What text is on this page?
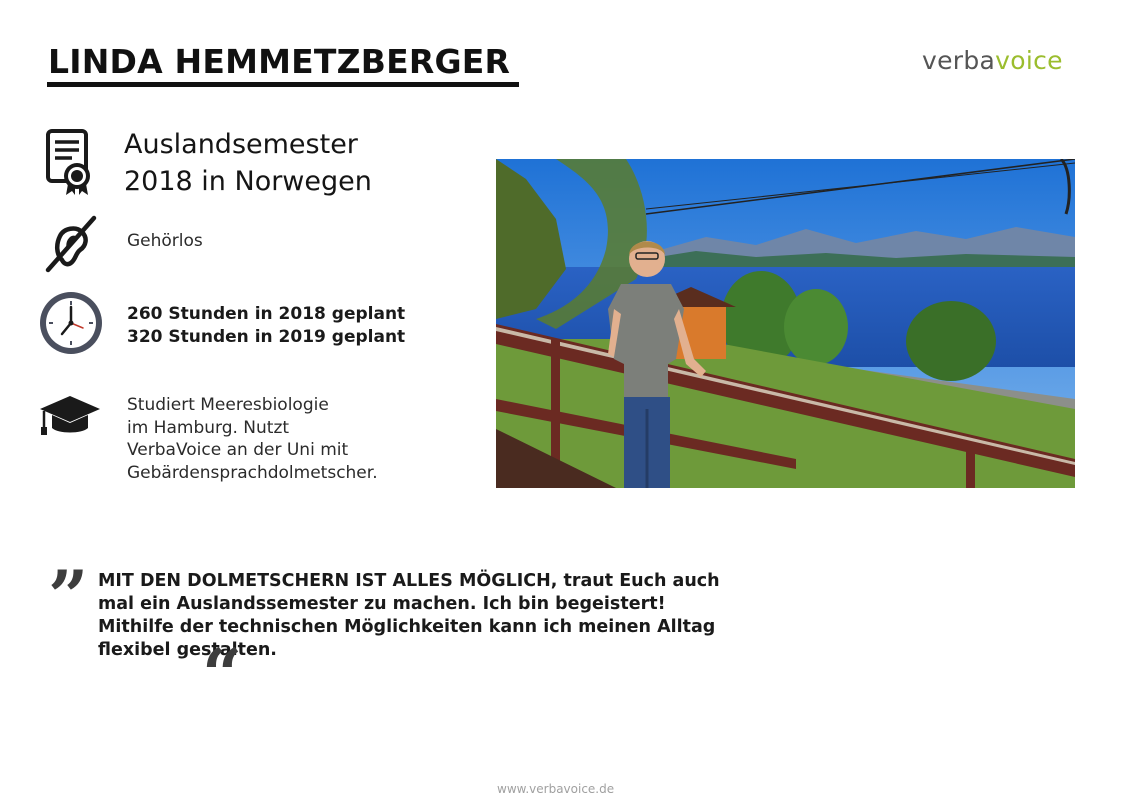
LINDA HEMMETZBERGER	verbavoice
Auslandsemester
2018 in Norwegen
Gehörlos
260 Stunden in 2018 geplant
320 Stunden in 2019 geplant
Studiert Meeresbiologie
im Hamburg. Nutzt
VerbaVoice an der Uni mit
Gebärdensprachdolmetscher.
” MIT DEN DOLMETSCHERN IST ALLES MÖGLICH, traut Euch auch mal ein Auslandssemester zu machen. Ich bin begeistert! Mithilfe der technischen Möglichkeiten kann ich meinen Alltag flexibel gestalten.
“
www.verbavoice.de
